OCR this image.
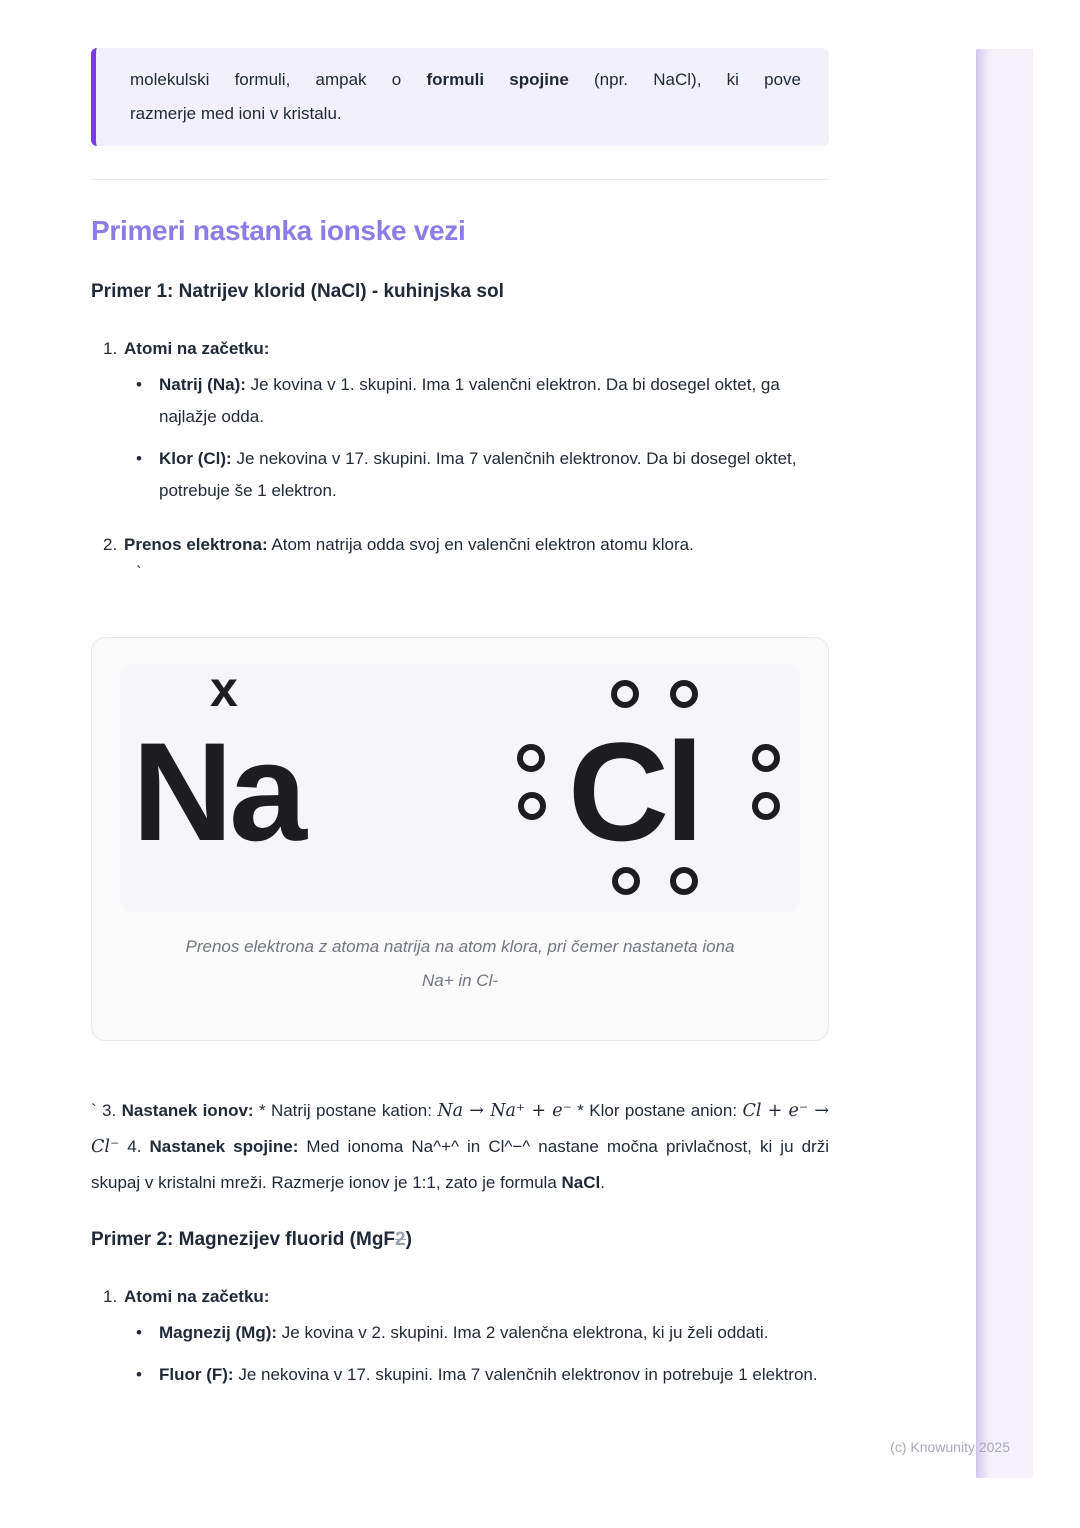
molekulski formuli, ampak o formuli spojine (npr. NaCl), ki pove
razmerje med ioni v kristalu.
Primeri nastanka ionske vezi
Primer 1: Natrijev klorid (NaCl) - kuhinjska sol
1. Atomi na začetku:
•	Natrij (Na): Je kovina v 1. skupini. Ima 1 valenčni elektron. Da bi dosegel oktet, ga najlažje odda.
•	Klor (Cl): Je nekovina v 17. skupini. Ima 7 valenčnih elektronov. Da bi dosegel oktet, potrebuje še 1 elektron.
2. Prenos elektrona: Atom natrija odda svoj en valenčni elektron atomu klora.
`
x
Na Cl
Prenos elektrona z atoma natrija na atom klora, pri čemer nastaneta iona
Na+ in Cl-

` 3. Nastanek ionov: * Natrij postane kation: Na → Na⁺ + e⁻ * Klor postane anion: Cl + e⁻ → Cl⁻ 4. Nastanek spojine: Med ionoma Na^+^ in Cl^−^ nastane močna privlačnost, ki ju drži skupaj v kristalni mreži. Razmerje ionov je 1:1, zato je formula NaCl.

Primer 2: Magnezijev fluorid (MgF2)
1. Atomi na začetku:
•	Magnezij (Mg): Je kovina v 2. skupini. Ima 2 valenčna elektrona, ki ju želi oddati.
•	Fluor (F): Je nekovina v 17. skupini. Ima 7 valenčnih elektronov in potrebuje 1 elektron.
(c) Knowunity 2025
